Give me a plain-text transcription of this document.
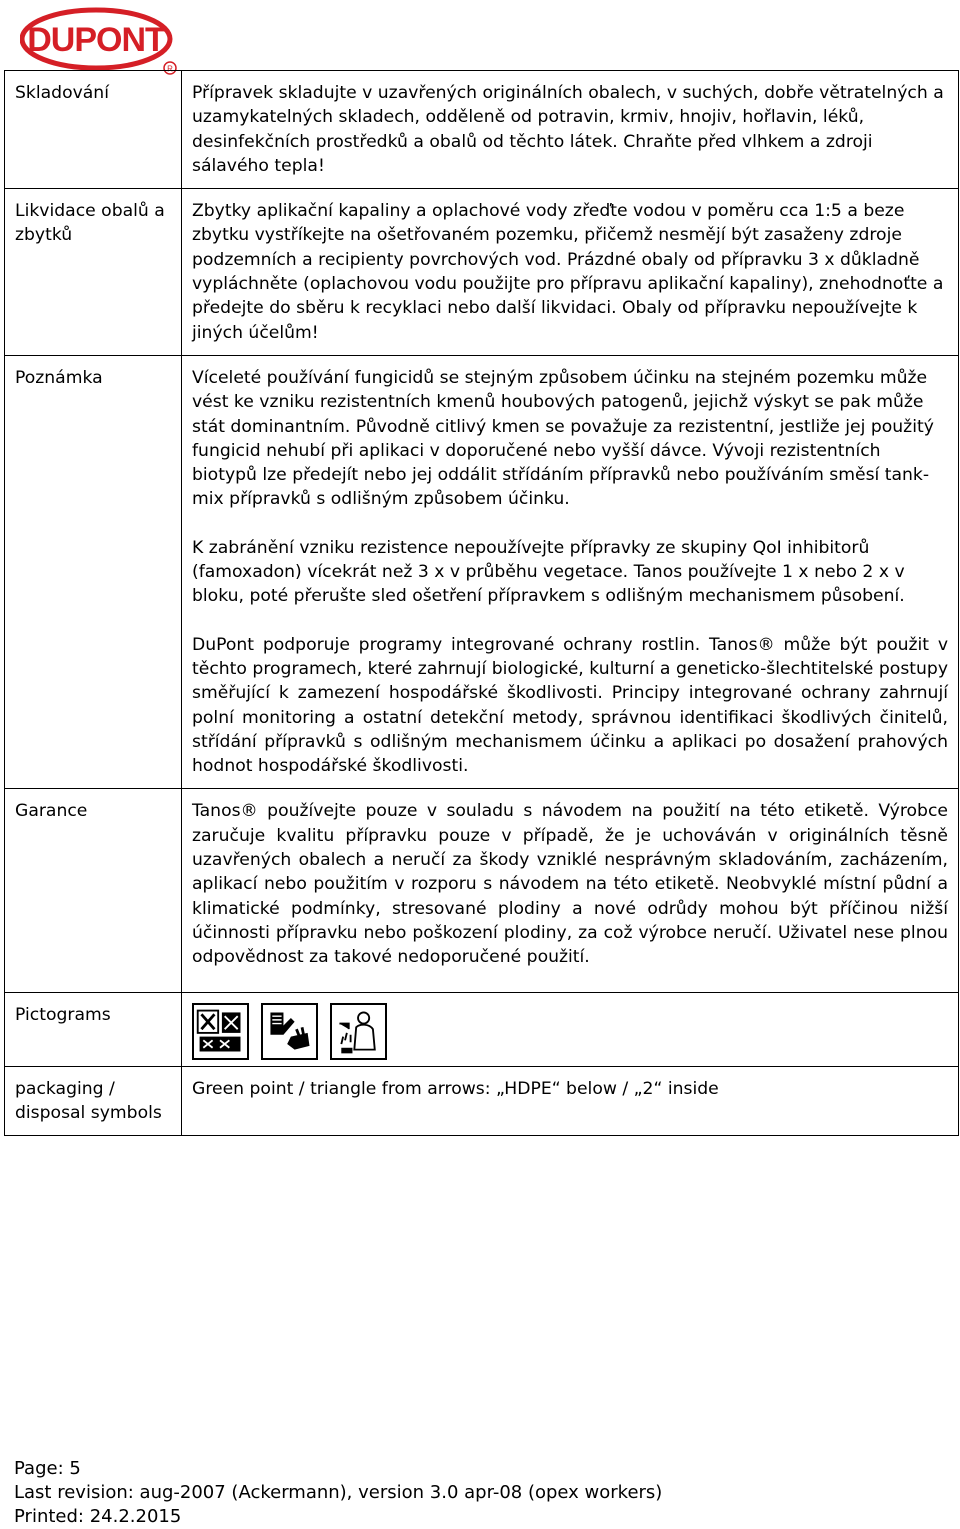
DUPONT
R
Skladování	Přípravek skladujte v uzavřených originálních obalech, v suchých, dobře větratelných a uzamykatelných skladech, odděleně od potravin, krmiv, hnojiv, hořlavin, léků, desinfekčních prostředků a obalů od těchto látek. Chraňte před vlhkem a zdroji sálavého tepla!
Likvidace obalů a zbytků	Zbytky aplikační kapaliny a oplachové vody zřeďte vodou v poměru cca 1:5 a beze zbytku vystříkejte na ošetřovaném pozemku, přičemž nesmějí být zasaženy zdroje podzemních a recipienty povrchových vod. Prázdné obaly od přípravku 3 x důkladně vypláchněte (oplachovou vodu použijte pro přípravu aplikační kapaliny), znehodnoťte a předejte do sběru k recyklaci nebo další likvidaci. Obaly od přípravku nepoužívejte k jiných účelům!
Poznámka	Víceleté používání fungicidů se stejným způsobem účinku na stejném pozemku může vést ke vzniku rezistentních kmenů houbových patogenů, jejichž výskyt se pak může stát dominantním. Původně citlivý kmen se považuje za rezistentní, jestliže jej použitý fungicid nehubí při aplikaci v doporučené nebo vyšší dávce. Vývoji rezistentních biotypů lze předejít nebo jej oddálit střídáním přípravků nebo používáním směsí tank-mix přípravků s odlišným způsobem účinku.

K zabránění vzniku rezistence nepoužívejte přípravky ze skupiny QoI inhibitorů (famoxadon) vícekrát než 3 x v průběhu vegetace. Tanos používejte 1 x nebo 2 x v bloku, poté přerušte sled ošetření přípravkem s odlišným mechanismem působení.

DuPont podporuje programy integrované ochrany rostlin. Tanos® může být použit v těchto programech, které zahrnují biologické, kulturní a geneticko-šlechtitelské postupy směřující k zamezení hospodářské škodlivosti. Principy integrované ochrany zahrnují polní monitoring a ostatní detekční metody, správnou identifikaci škodlivých činitelů, střídání přípravků s odlišným mechanismem účinku a aplikaci po dosažení prahových hodnot hospodářské škodlivosti.

Garance	Tanos® používejte pouze v souladu s návodem na použití na této etiketě. Výrobce zaručuje kvalitu přípravku pouze v případě, že je uchováván v originálních těsně uzavřených obalech a neručí za škody vzniklé nesprávným skladováním, zacházením, aplikací nebo použitím v rozporu s návodem na této etiketě. Neobvyklé místní půdní a klimatické podmínky, stresované plodiny a nové odrůdy mohou být příčinou nižší účinnosti přípravku nebo poškození plodiny, za což výrobce neručí. Uživatel nese plnou odpovědnost za takové nedoporučené použití.
Pictograms	

packaging / disposal symbols	Green point / triangle from arrows: „HDPE“ below / „2“ inside
Page: 5
Last revision: aug-2007 (Ackermann), version 3.0 apr-08 (opex workers)
Printed: 24.2.2015
